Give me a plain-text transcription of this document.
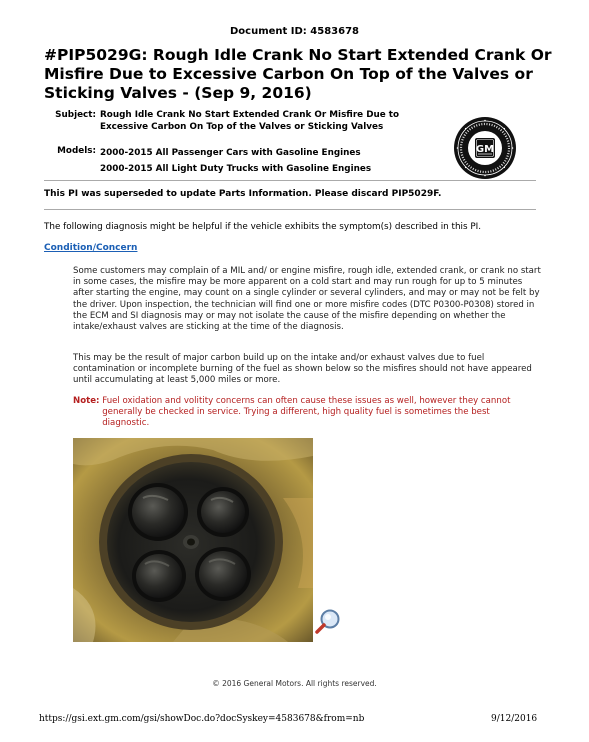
Document ID: 4583678
#PIP5029G: Rough Idle Crank No Start Extended Crank Or Misfire Due to Excessive Carbon On Top of the Valves or Sticking Valves - (Sep 9, 2016)
Subject: Rough Idle Crank No Start Extended Crank Or Misfire Due to
Excessive Carbon On Top of the Valves or Sticking Valves
Models: 2000-2015 All Passenger Cars with Gasoline Engines
2000-2015 All Light Duty Trucks with Gasoline Engines
GM
This PI was superseded to update Parts Information. Please discard PIP5029F.
The following diagnosis might be helpful if the vehicle exhibits the symptom(s) described in this PI.
Condition/Concern
Some customers may complain of a MIL and/ or engine misfire, rough idle, extended crank, or crank no start in some cases, the misfire may be more apparent on a cold start and may run rough for up to 5 minutes after starting the engine, may count on a single cylinder or several cylinders, and may or may not be felt by the driver. Upon inspection, the technician will find one or more misfire codes (DTC P0300-P0308) stored in the ECM and SI diagnosis may or may not isolate the cause of the misfire depending on whether the intake/exhaust valves are sticking at the time of the diagnosis.
This may be the result of major carbon build up on the intake and/or exhaust valves due to fuel contamination or incomplete burning of the fuel as shown below so the misfires should not have appeared until accumulating at least 5,000 miles or more.
Note: Fuel oxidation and volitity concerns can often cause these issues as well, however they cannot generally be checked in service. Trying a different, high quality fuel is sometimes the best diagnostic.
© 2016 General Motors. All rights reserved.
https://gsi.ext.gm.com/gsi/showDoc.do?docSyskey=4583678&from=nb	9/12/2016
